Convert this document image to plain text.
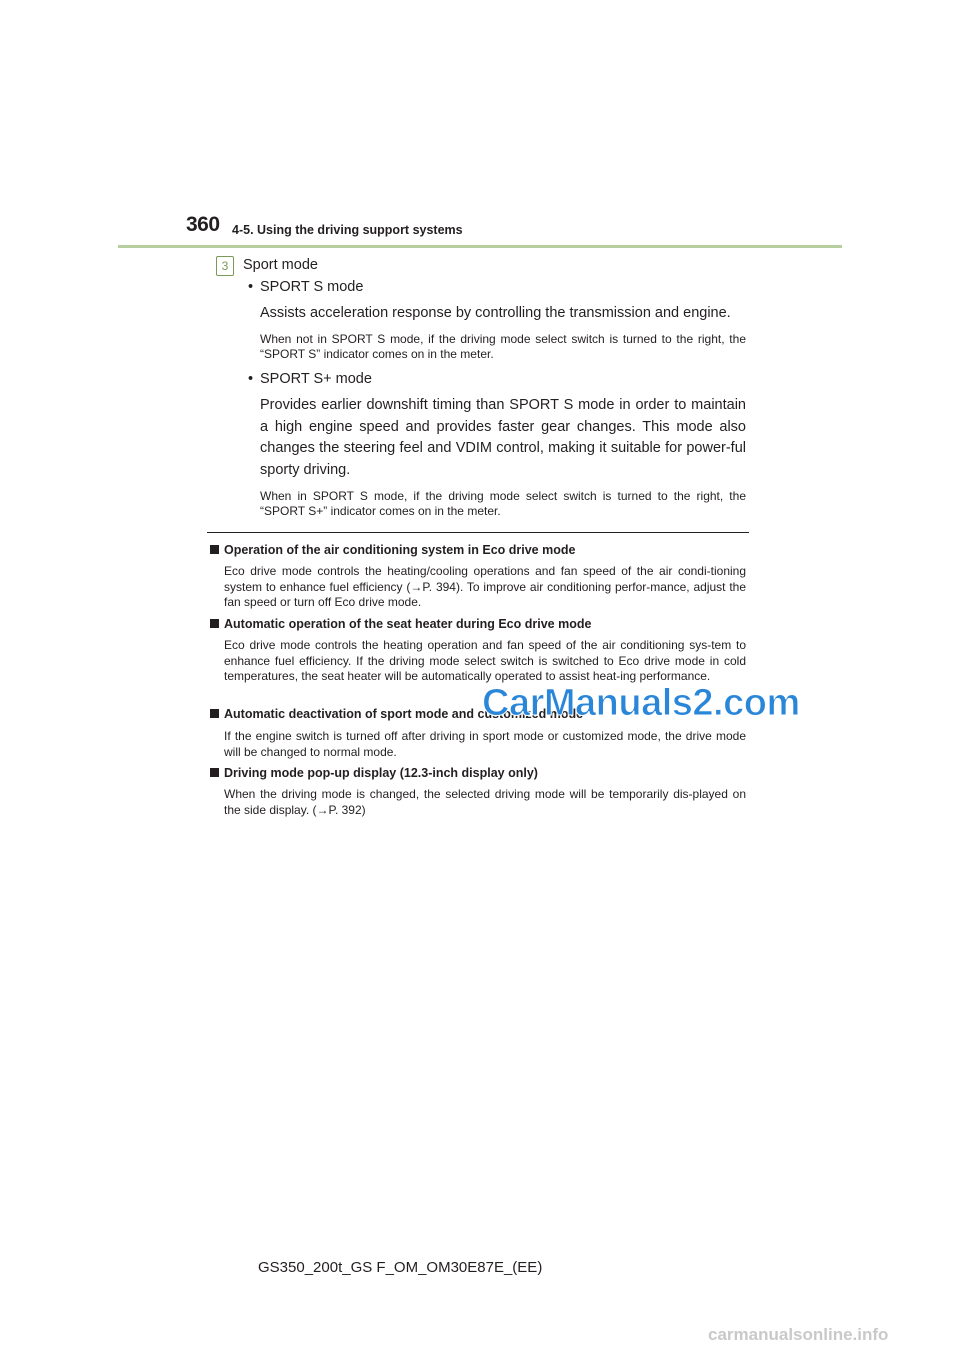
360 4-5. Using the driving support systems
3	Sport mode
• SPORT S mode
Assists acceleration response by controlling the transmission and engine.
When not in SPORT S mode, if the driving mode select switch is turned to the right, the “SPORT S” indicator comes on in the meter.
• SPORT S+ mode
Provides earlier downshift timing than SPORT S mode in order to maintain a high engine speed and provides faster gear changes. This mode also changes the steering feel and VDIM control, making it suitable for power-ful sporty driving.
When in SPORT S mode, if the driving mode select switch is turned to the right, the “SPORT S+” indicator comes on in the meter.
Operation of the air conditioning system in Eco drive mode
Eco drive mode controls the heating/cooling operations and fan speed of the air condi-tioning system to enhance fuel efficiency (→P. 394). To improve air conditioning perfor-mance, adjust the fan speed or turn off Eco drive mode.
Automatic operation of the seat heater during Eco drive mode
Eco drive mode controls the heating operation and fan speed of the air conditioning sys-tem to enhance fuel efficiency. If the driving mode select switch is switched to Eco drive mode in cold temperatures, the seat heater will be automatically operated to assist heat-ing performance.
Automatic deactivation of sport mode and customized mode
If the engine switch is turned off after driving in sport mode or customized mode, the drive mode will be changed to normal mode.
Driving mode pop-up display (12.3-inch display only)
When the driving mode is changed, the selected driving mode will be temporarily dis-played on the side display. (→P. 392)
CarManuals2.com
GS350_200t_GS F_OM_OM30E87E_(EE)
carmanualsonline.info
